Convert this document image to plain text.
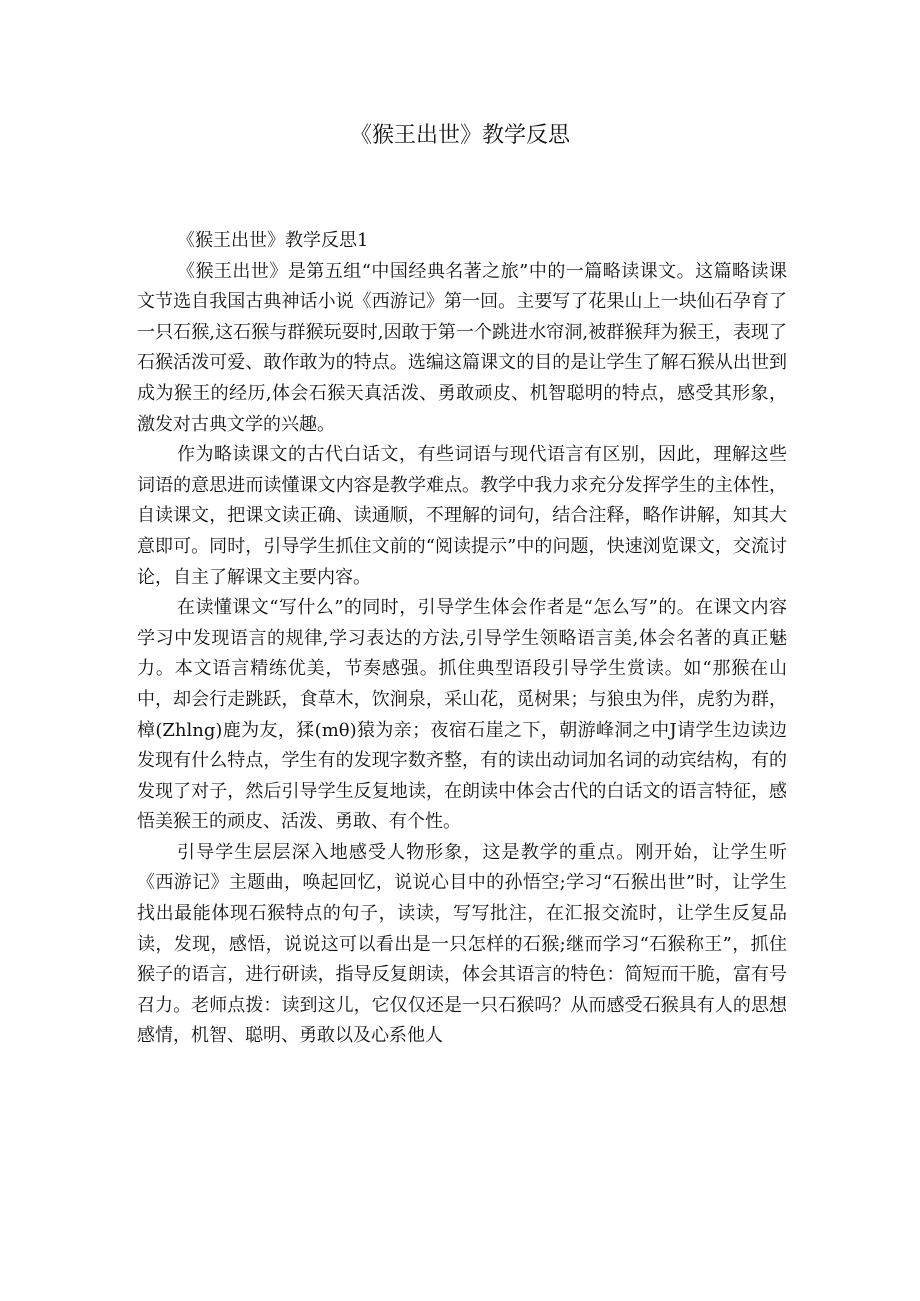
《猴王出世》教学反思

《猴王出世》教学反思1

《猴王出世》是第五组“中国经典名著之旅”中的一篇略读课文。这篇略读课文节选自我国古典神话小说《西游记》第一回。主要写了花果山上一块仙石孕育了一只石猴,这石猴与群猴玩耍时,因敢于第一个跳进水帘洞,被群猴拜为猴王，表现了石猴活泼可爱、敢作敢为的特点。选编这篇课文的目的是让学生了解石猴从出世到成为猴王的经历,体会石猴天真活泼、勇敢顽皮、机智聪明的特点，感受其形象，激发对古典文学的兴趣。

作为略读课文的古代白话文，有些词语与现代语言有区别，因此，理解这些词语的意思进而读懂课文内容是教学难点。教学中我力求充分发挥学生的主体性，自读课文，把课文读正确、读通顺，不理解的词句，结合注释，略作讲解，知其大意即可。同时，引导学生抓住文前的“阅读提示”中的问题，快速浏览课文，交流讨论，自主了解课文主要内容。

在读懂课文“写什么”的同时，引导学生体会作者是“怎么写”的。在课文内容学习中发现语言的规律,学习表达的方法,引导学生领略语言美,体会名著的真正魅力。本文语言精练优美，节奏感强。抓住典型语段引导学生赏读。如“那猴在山中，却会行走跳跃，食草木，饮涧泉，采山花，觅树果；与狼虫为伴，虎豹为群，樟(Zhlng)鹿为友，猱(mθ)猿为亲；夜宿石崖之下，朝游峰洞之中J请学生边读边发现有什么特点，学生有的发现字数齐整，有的读出动词加名词的动宾结构，有的发现了对子，然后引导学生反复地读，在朗读中体会古代的白话文的语言特征，感悟美猴王的顽皮、活泼、勇敢、有个性。

引导学生层层深入地感受人物形象，这是教学的重点。刚开始，让学生听《西游记》主题曲，唤起回忆，说说心目中的孙悟空;学习“石猴出世”时，让学生找出最能体现石猴特点的句子，读读，写写批注，在汇报交流时，让学生反复品读，发现，感悟，说说这可以看出是一只怎样的石猴;继而学习“石猴称王”，抓住猴子的语言，进行研读，指导反复朗读，体会其语言的特色：简短而干脆，富有号召力。老师点拨：读到这儿，它仅仅还是一只石猴吗？从而感受石猴具有人的思想感情，机智、聪明、勇敢以及心系他人
